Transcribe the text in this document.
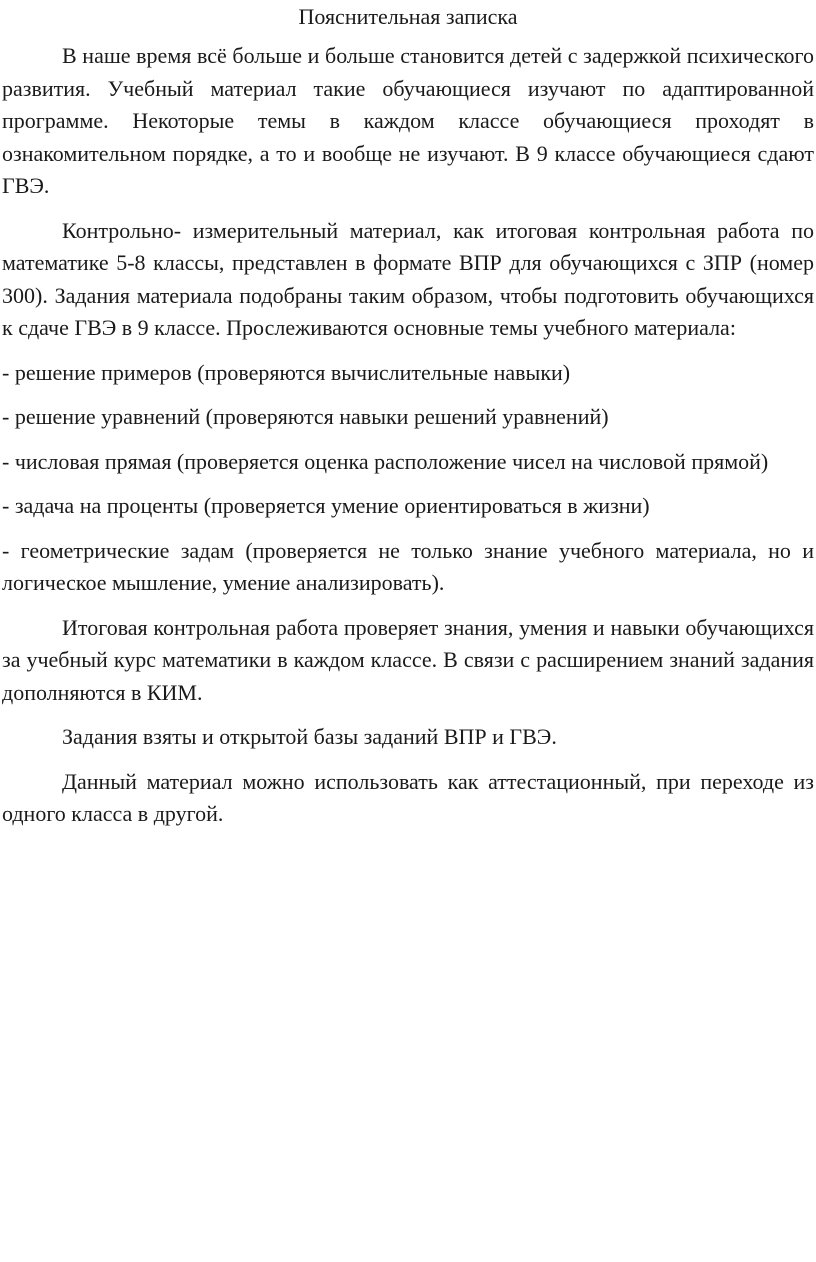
Пояснительная записка

В наше время всё больше и больше становится детей с задержкой психического развития. Учебный материал такие обучающиеся изучают по адаптированной программе. Некоторые темы в каждом классе обучающиеся проходят в ознакомительном порядке, а то и вообще не изучают. В 9 классе обучающиеся сдают ГВЭ.

Контрольно- измерительный материал, как итоговая контрольная работа по математике 5-8 классы, представлен в формате ВПР для обучающихся с ЗПР (номер 300). Задания материала подобраны таким образом, чтобы подготовить обучающихся к сдаче ГВЭ в 9 классе. Прослеживаются основные темы учебного материала:

- решение примеров (проверяются вычислительные навыки)

- решение уравнений (проверяются навыки решений уравнений)

- числовая прямая (проверяется оценка расположение чисел на числовой прямой)

- задача на проценты (проверяется умение ориентироваться в жизни)

- геометрические задам (проверяется не только знание учебного материала, но и логическое мышление, умение анализировать).

Итоговая контрольная работа проверяет знания, умения и навыки обучающихся за учебный курс математики в каждом классе. В связи с расширением знаний задания дополняются в КИМ.

Задания взяты и открытой базы заданий ВПР и ГВЭ.

Данный материал можно использовать как аттестационный, при переходе из одного класса в другой.
